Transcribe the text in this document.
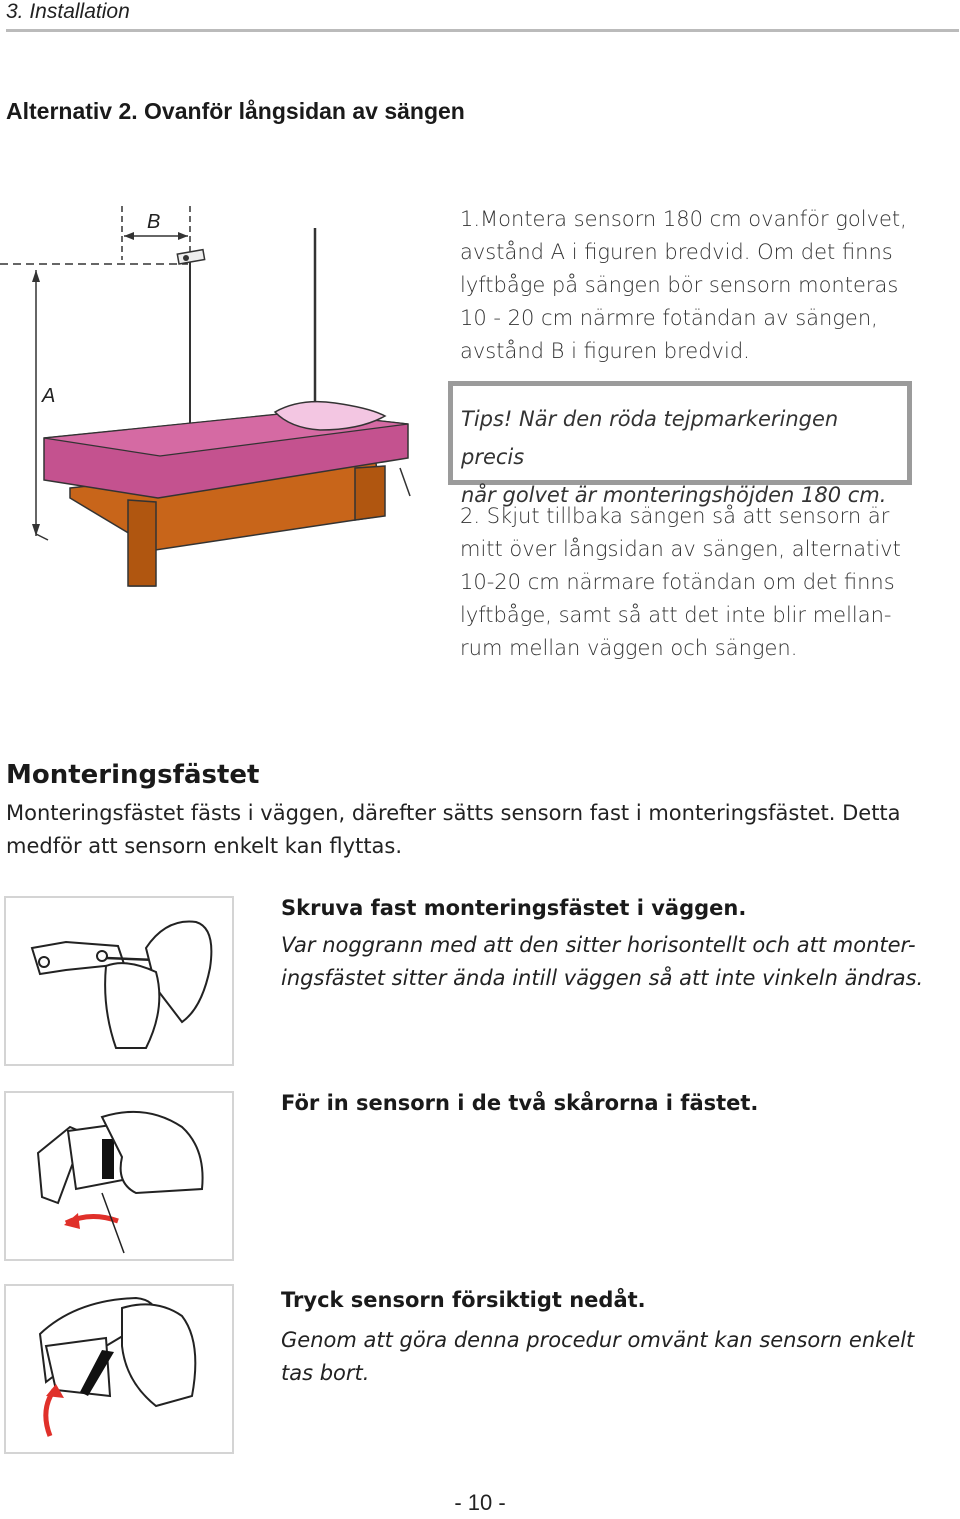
3. Installation
Alternativ 2. Ovanför långsidan av sängen
B
A
1.Montera sensorn 180 cm ovanför golvet, avstånd A i figuren bredvid. Om det finns lyftbåge på sängen bör sensorn monteras 10 - 20 cm närmre fotändan av sängen, avstånd B i figuren bredvid.
Tips! När den röda tejpmarkeringen precis
når golvet är monteringshöjden 180 cm.
2. Skjut tillbaka sängen så att sensorn är mitt över långsidan av sängen, alternativt 10-20 cm närmare fotändan om det finns lyftbåge, samt så att det inte blir mellan-rum mellan väggen och sängen.
Monteringsfästet
Monteringsfästet fästs i väggen, därefter sätts sensorn fast i monteringsfästet. Detta medför att sensorn enkelt kan flyttas.
Skruva fast monteringsfästet i väggen.
Var noggrann med att den sitter horisontellt och att monter-ingsfästet sitter ända intill väggen så att inte vinkeln ändras.
För in sensorn i de två skårorna i fästet.
Tryck sensorn försiktigt nedåt.
Genom att göra denna procedur omvänt kan sensorn enkelt tas bort.
- 10 -
